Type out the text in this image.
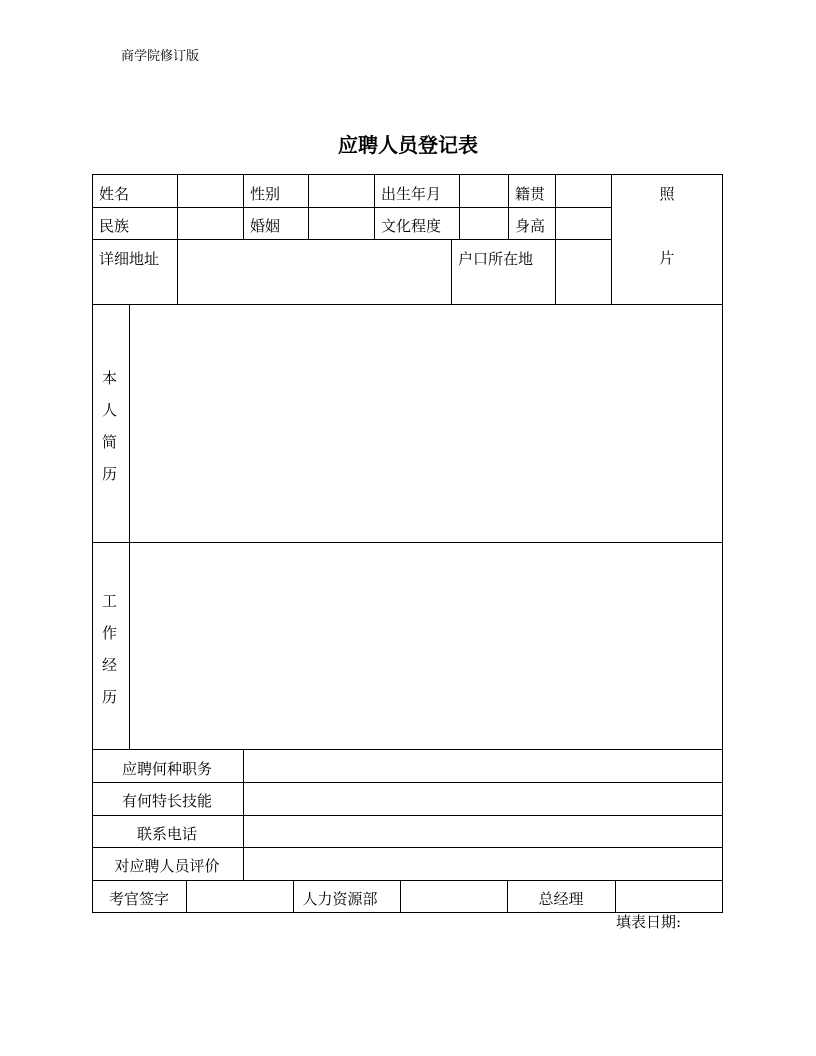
商学院修订版
应聘人员登记表
姓名	性别	出生年月	籍贯	照
民族	婚姻	文化程度	身高
详细地址	户口所在地	片
本
人
简
历
工
作
经
历
应聘何种职务
有何特长技能
联系电话
对应聘人员评价
考官签字	人力资源部	总经理
填表日期:
